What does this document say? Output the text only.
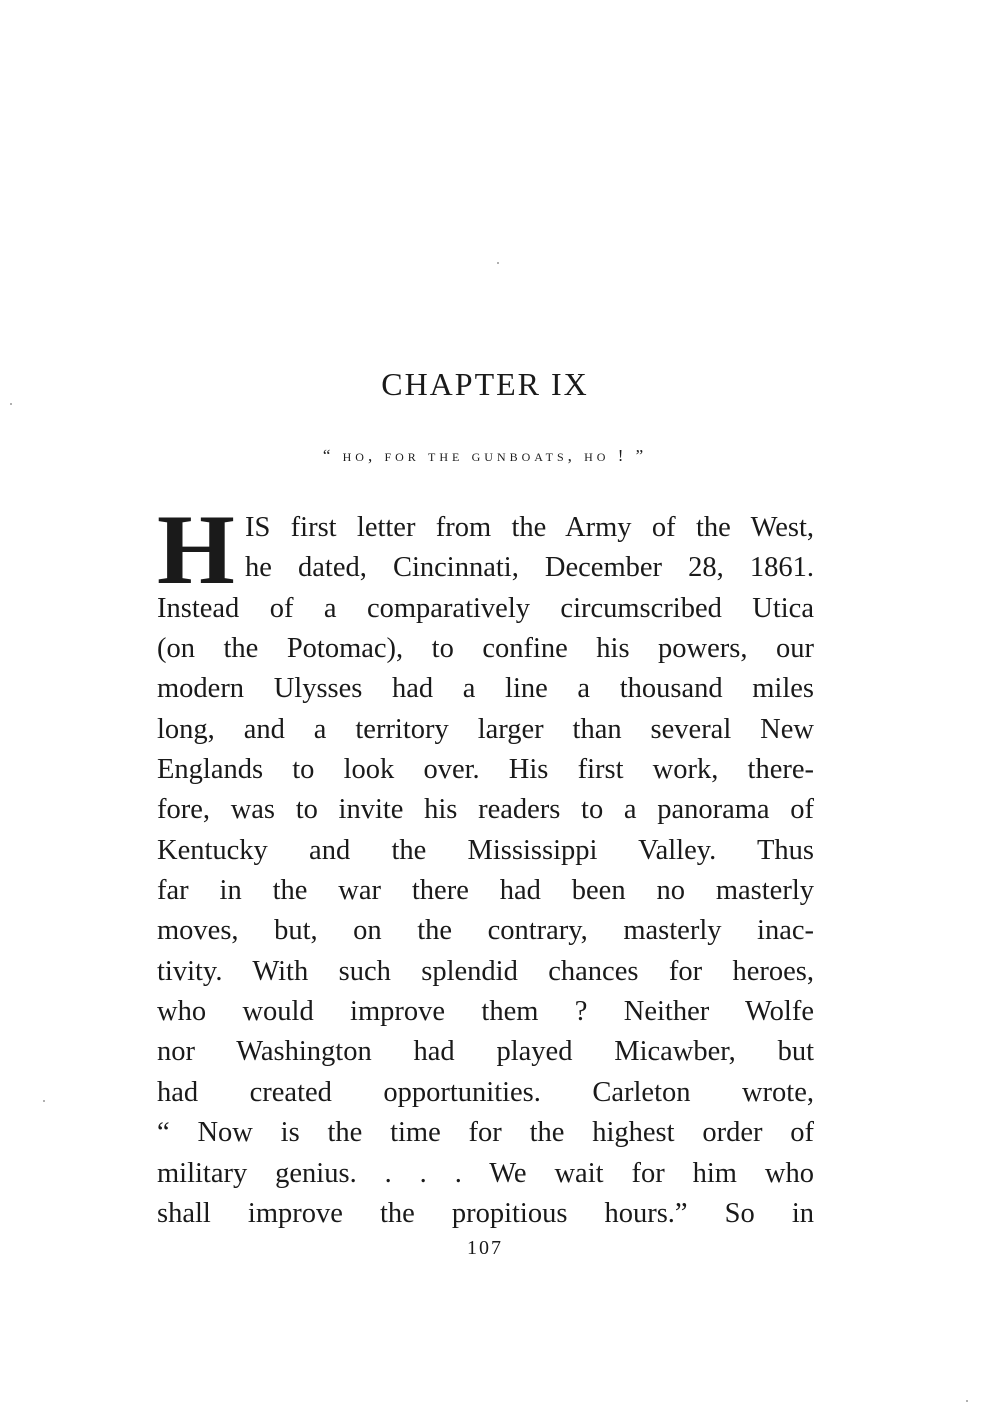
CHAPTER IX
“ ho, for the gunboats, ho ! ”
H IS first letter from the Army of the West,
he dated, Cincinnati, December 28, 1861.
Instead of a comparatively circumscribed Utica
(on the Potomac), to confine his powers, our
modern Ulysses had a line a thousand miles
long, and a territory larger than several New
Englands to look over. His first work, there-
fore, was to invite his readers to a panorama of
Kentucky and the Mississippi Valley. Thus
far in the war there had been no masterly
moves, but, on the contrary, masterly inac-
tivity. With such splendid chances for heroes,
who would improve them ? Neither Wolfe
nor Washington had played Micawber, but
had created opportunities. Carleton wrote,
“ Now is the time for the highest order of
military genius. . . . We wait for him who
shall improve the propitious hours.” So in
107
